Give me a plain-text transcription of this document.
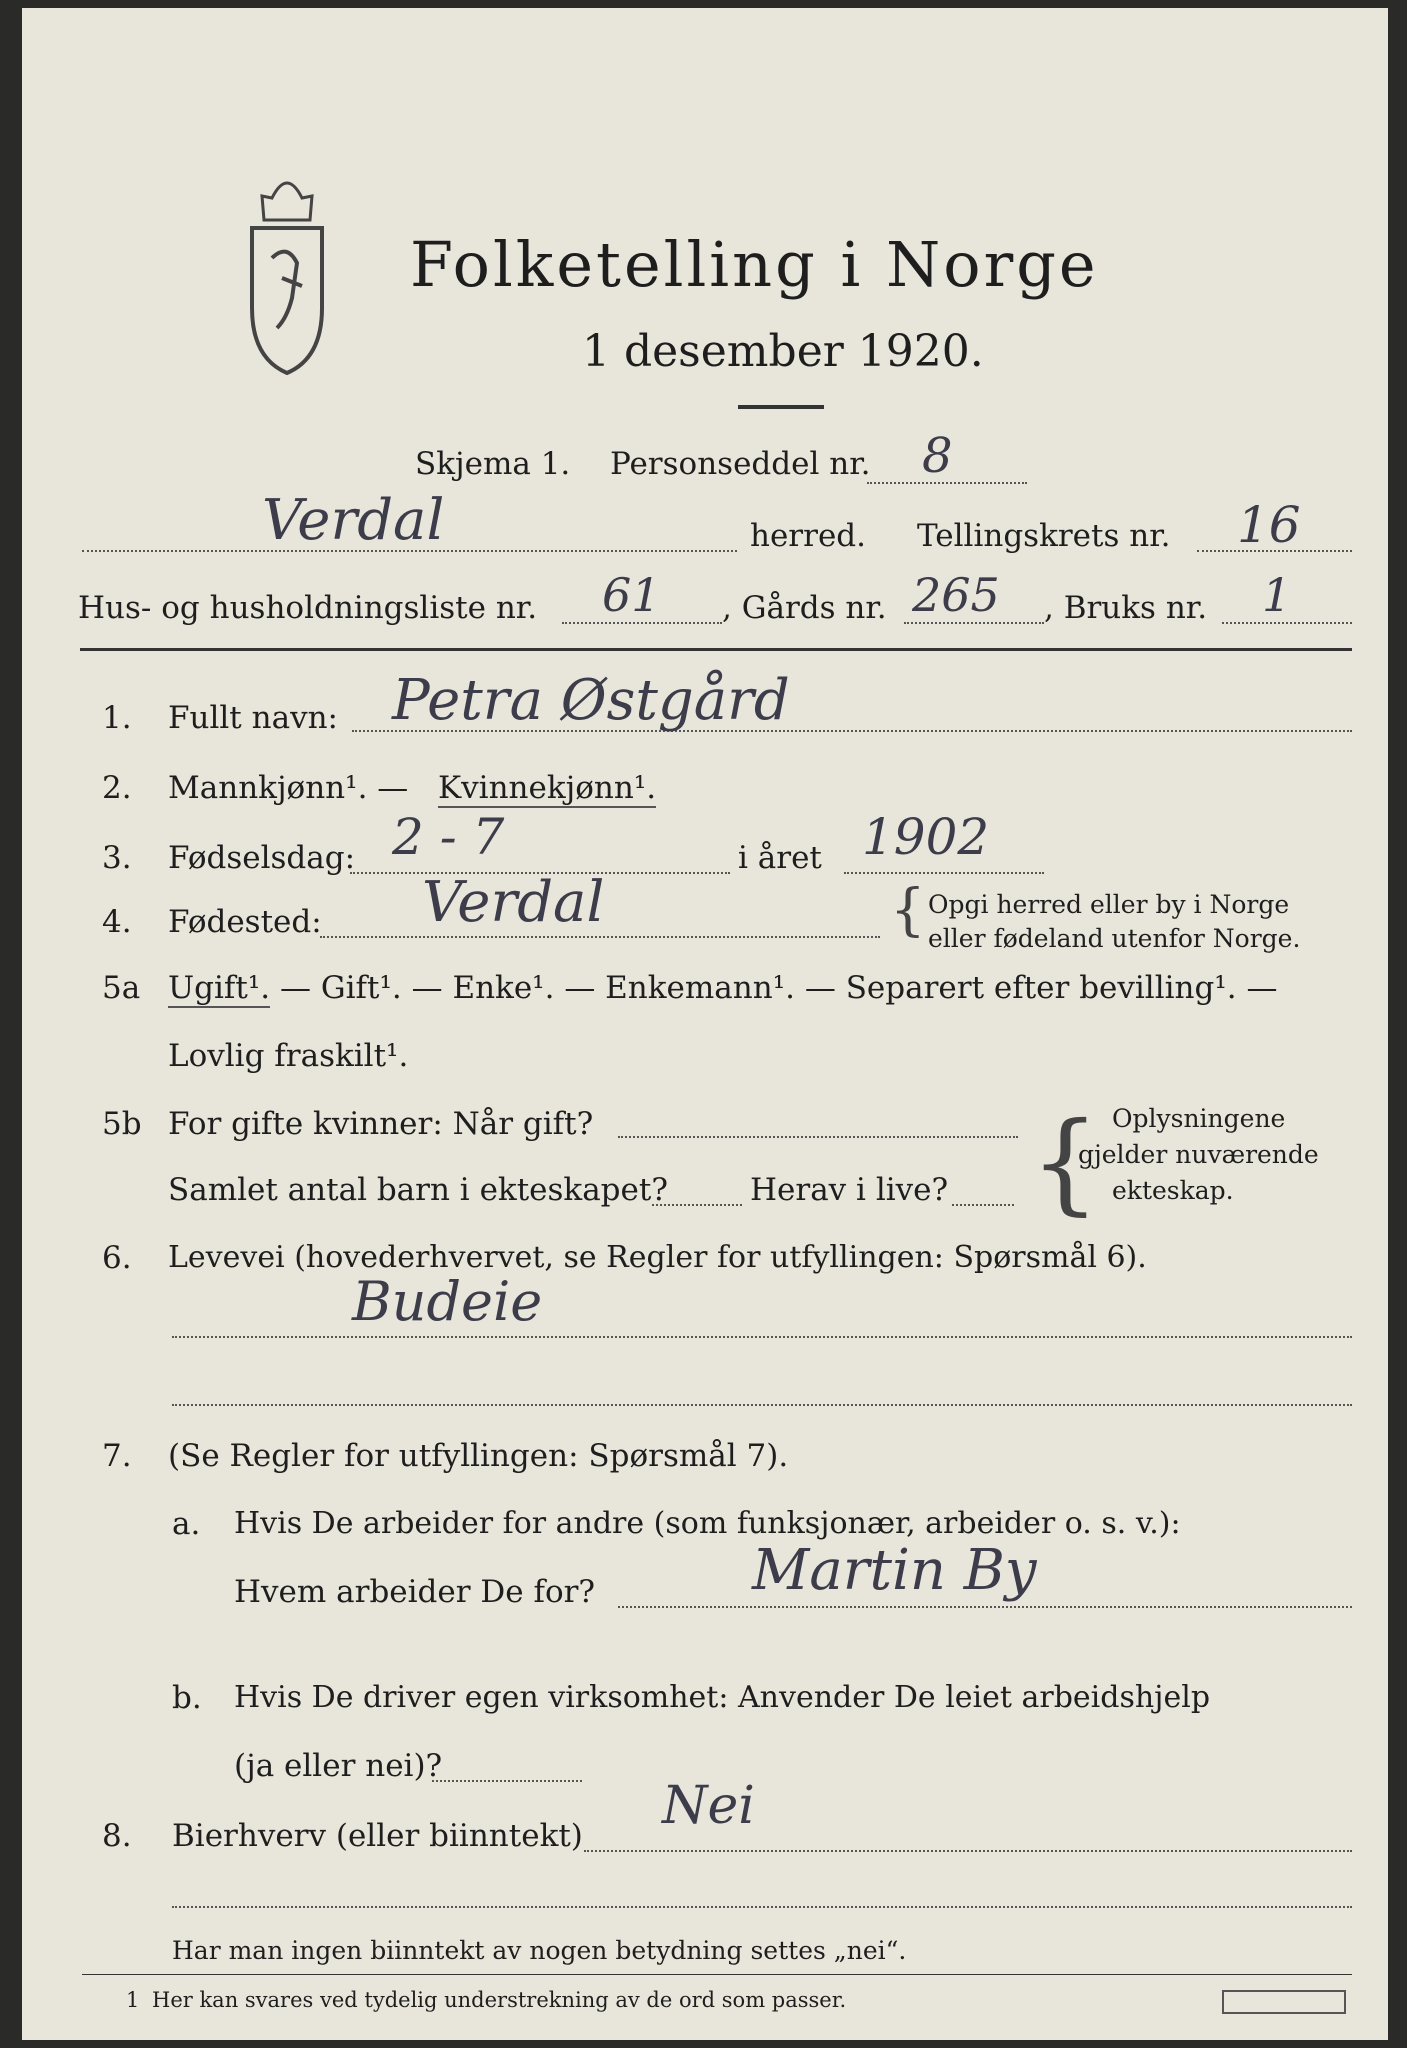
Folketelling i Norge
1 desember 1920.
Skjema 1. Personseddel nr. 8
Verdal	herred. Tellingskrets nr. 16
Hus- og husholdningsliste nr. 61 , Gårds nr. 265 , Bruks nr. 1
1. Fullt navn: Petra Østgård
2. Mannkjønn¹. — Kvinnekjønn¹.
3. Fødselsdag: 2 - 7	i året 1902
4. Fødested: Verdal	{ Opgi herred eller by i Norge
eller fødeland utenfor Norge.
5a Ugift¹. — Gift¹. — Enke¹. — Enkemann¹. — Separert efter bevilling¹. —
Lovlig fraskilt¹.
5b For gifte kvinner: Når gift?
Samlet antal barn i ekteskapet?	Herav i live? { Oplysningene
gjelder nuværende
ekteskap.
6. Levevei (hovederhvervet, se Regler for utfyllingen: Spørsmål 6).
Budeie
7. (Se Regler for utfyllingen: Spørsmål 7).
a. Hvis De arbeider for andre (som funksjonær, arbeider o. s. v.):
Hvem arbeider De for?	Martin By
b. Hvis De driver egen virksomhet: Anvender De leiet arbeidshjelp
(ja eller nei)?
8. Bierhverv (eller biinntekt) Nei
Har man ingen biinntekt av nogen betydning settes „nei“.
1 Her kan svares ved tydelig understrekning av de ord som passer.
